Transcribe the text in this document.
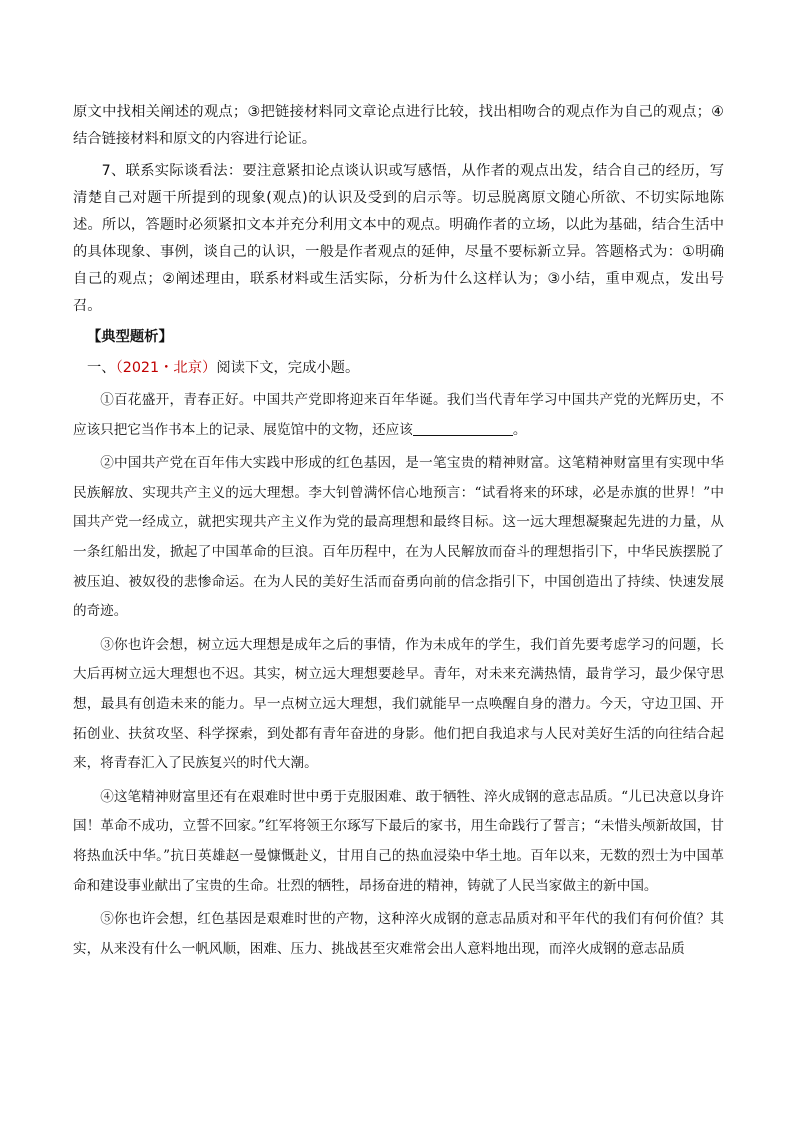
原文中找相关阐述的观点；③把链接材料同文章论点进行比较，找出相吻合的观点作为自己的观点；④结合链接材料和原文的内容进行论证。

7、联系实际谈看法：要注意紧扣论点谈认识或写感悟，从作者的观点出发，结合自己的经历，写清楚自己对题干所提到的现象(观点)的认识及受到的启示等。切忌脱离原文随心所欲、不切实际地陈述。所以，答题时必须紧扣文本并充分利用文本中的观点。明确作者的立场，以此为基础，结合生活中的具体现象、事例，谈自己的认识，一般是作者观点的延伸，尽量不要标新立异。答题格式为：①明确自己的观点；②阐述理由，联系材料或生活实际，分析为什么这样认为；③小结，重申观点，发出号召。

【典型题析】

一、（2021・北京）阅读下文，完成小题。

①百花盛开，青春正好。中国共产党即将迎来百年华诞。我们当代青年学习中国共产党的光辉历史，不应该只把它当作书本上的记录、展览馆中的文物，还应该	。

②中国共产党在百年伟大实践中形成的红色基因，是一笔宝贵的精神财富。这笔精神财富里有实现中华民族解放、实现共产主义的远大理想。李大钊曾满怀信心地预言：“试看将来的环球，必是赤旗的世界！”中国共产党一经成立，就把实现共产主义作为党的最高理想和最终目标。这一远大理想凝聚起先进的力量，从一条红船出发，掀起了中国革命的巨浪。百年历程中，在为人民解放而奋斗的理想指引下，中华民族摆脱了被压迫、被奴役的悲惨命运。在为人民的美好生活而奋勇向前的信念指引下，中国创造出了持续、快速发展的奇迹。

③你也许会想，树立远大理想是成年之后的事情，作为未成年的学生，我们首先要考虑学习的问题，长大后再树立远大理想也不迟。其实，树立远大理想要趁早。青年，对未来充满热情，最肯学习，最少保守思想，最具有创造未来的能力。早一点树立远大理想，我们就能早一点唤醒自身的潜力。今天，守边卫国、开拓创业、扶贫攻坚、科学探索，到处都有青年奋进的身影。他们把自我追求与人民对美好生活的向往结合起来，将青春汇入了民族复兴的时代大潮。

④这笔精神财富里还有在艰难时世中勇于克服困难、敢于牺牲、淬火成钢的意志品质。“儿已决意以身许国！革命不成功，立誓不回家。”红军将领王尔琢写下最后的家书，用生命践行了誓言；“未惜头颅新故国，甘将热血沃中华。”抗日英雄赵一曼慷慨赴义，甘用自己的热血浸染中华土地。百年以来，无数的烈士为中国革命和建设事业献出了宝贵的生命。壮烈的牺牲，昂扬奋进的精神，铸就了人民当家做主的新中国。

⑤你也许会想，红色基因是艰难时世的产物，这种淬火成钢的意志品质对和平年代的我们有何价值？其实，从来没有什么一帆风顺，困难、压力、挑战甚至灾难常会出人意料地出现，而淬火成钢的意志品质
